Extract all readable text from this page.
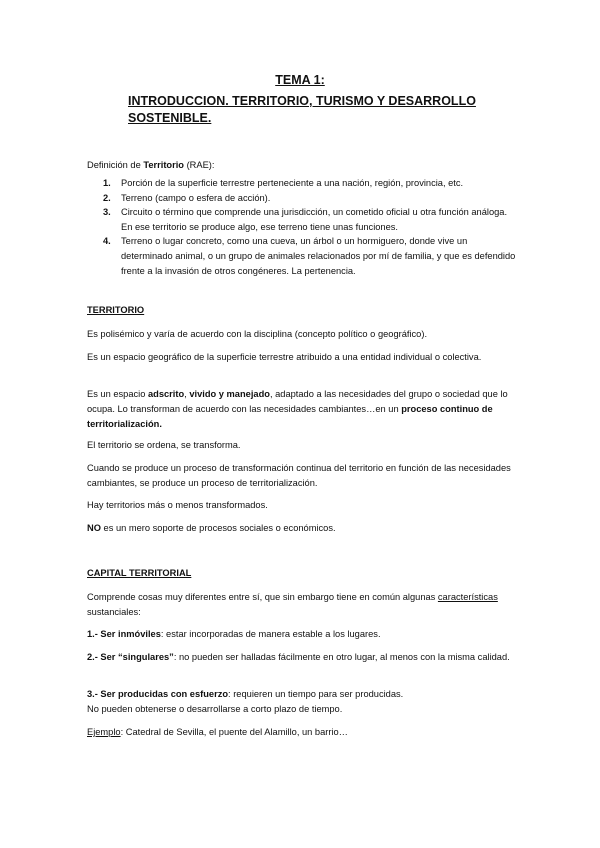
TEMA 1:
INTRODUCCION. TERRITORIO, TURISMO Y DESARROLLO SOSTENIBLE.
Definición de Territorio (RAE):
1. Porción de la superficie terrestre perteneciente a una nación, región, provincia, etc.
2. Terreno (campo o esfera de acción).
3. Circuito o término que comprende una jurisdicción, un cometido oficial u otra función análoga. En ese territorio se produce algo, ese terreno tiene unas funciones.
4. Terreno o lugar concreto, como una cueva, un árbol o un hormiguero, donde vive un determinado animal, o un grupo de animales relacionados por mí de familia, y que es defendido frente a la invasión de otros congéneres. La pertenencia.
TERRITORIO
Es polisémico y varía de acuerdo con la disciplina (concepto político o geográfico).
Es un espacio geográfico de la superficie terrestre atribuido a una entidad individual o colectiva.
Es un espacio adscrito, vivido y manejado, adaptado a las necesidades del grupo o sociedad que lo ocupa. Lo transforman de acuerdo con las necesidades cambiantes…en un proceso continuo de territorialización.
El territorio se ordena, se transforma.
Cuando se produce un proceso de transformación continua del territorio en función de las necesidades cambiantes, se produce un proceso de territorialización.
Hay territorios más o menos transformados.
NO es un mero soporte de procesos sociales o económicos.
CAPITAL TERRITORIAL
Comprende cosas muy diferentes entre sí, que sin embargo tiene en común algunas características sustanciales:
1.- Ser inmóviles: estar incorporadas de manera estable a los lugares.
2.- Ser “singulares”: no pueden ser halladas fácilmente en otro lugar, al menos con la misma calidad.
3.- Ser producidas con esfuerzo: requieren un tiempo para ser producidas.
No pueden obtenerse o desarrollarse a corto plazo de tiempo.
Ejemplo: Catedral de Sevilla, el puente del Alamillo, un barrio…
